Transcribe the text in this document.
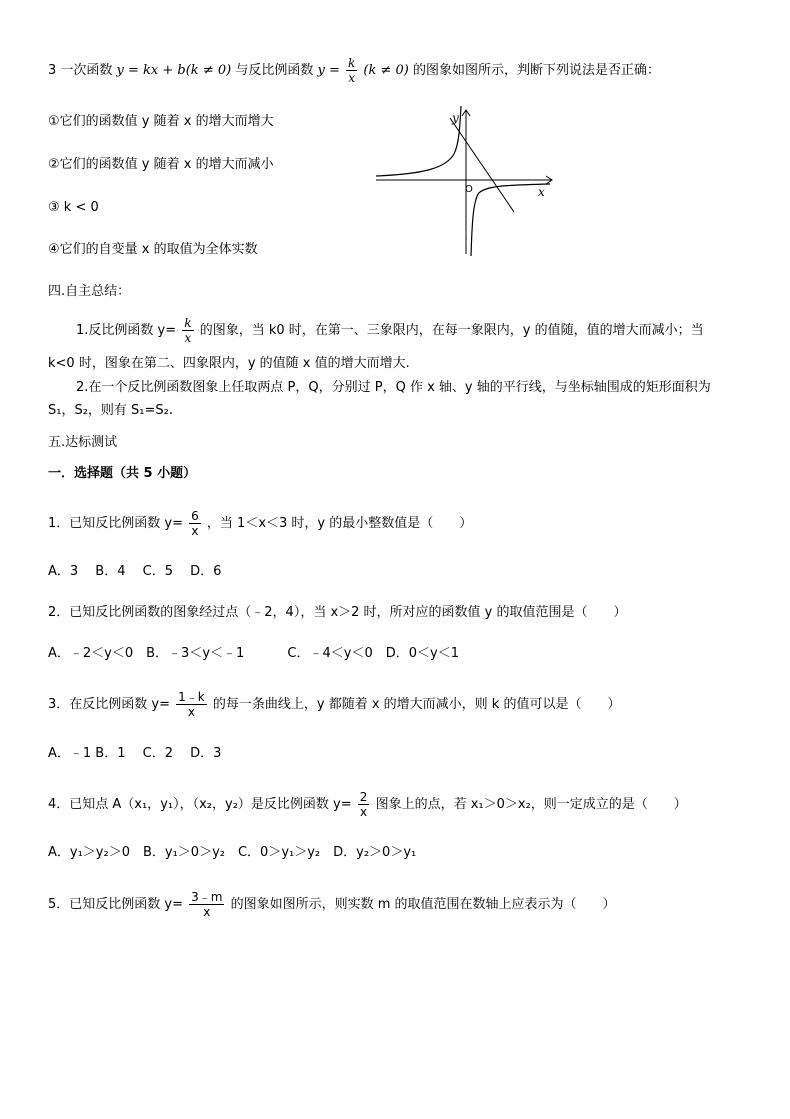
3 一次函数 y = kx + b(k ≠ 0) 与反比例函数 $y = \frac{k}{x} (k \ne 0)$ 的图象如图所示，判断下列说法是否正确：
①它们的函数值 y 随着 x 的增大而增大
②它们的函数值 y 随着 x 的增大而减小
③ k < 0
④它们的自变量 x 的取值为全体实数
y
x
O
四.自主总结：
1.反比例函数 $y= \frac{k}{x}$ 的图象，当 k0 时，在第一、三象限内，在每一象限内，y 的值随，值的增大而减小；当
k<0 时，图象在第二、四象限内，y 的值随 x 值的增大而增大.
2.在一个反比例函数图象上任取两点 P，Q，分别过 P，Q 作 x 轴、y 轴的平行线，与坐标轴围成的矩形面积为
S₁，S₂，则有 S₁=S₂.
五.达标测试
一．选择题（共 5 小题）
1．已知反比例函数 $y= \frac{6}{x}$ ，当 1＜x＜3 时，y 的最小整数值是（　　）
A．3　 B．4　 C．5　 D．6
2．已知反比例函数的图象经过点（﹣2，4），当 x＞2 时，所对应的函数值 y 的取值范围是（　　）
A．﹣2＜y＜0　B．﹣3＜y＜﹣1　　　 C．﹣4＜y＜0　D．0＜y＜1
3．在反比例函数 $y= \frac{1﹣k}{x}$ 的每一条曲线上，y 都随着 x 的增大而减小，则 k 的值可以是（　　）
A．﹣1 B．1　 C．2　 D．3
4．已知点 A（x₁，y₁），（x₂，y₂）是反比例函数 $y= \frac{2}{x}$ 图象上的点，若 x₁＞0＞x₂，则一定成立的是（　　）
A．y₁＞y₂＞0　B．y₁＞0＞y₂　C．0＞y₁＞y₂　D．y₂＞0＞y₁
5．已知反比例函数 $y= \frac{3﹣m}{x}$ 的图象如图所示，则实数 m 的取值范围在数轴上应表示为（　　）
